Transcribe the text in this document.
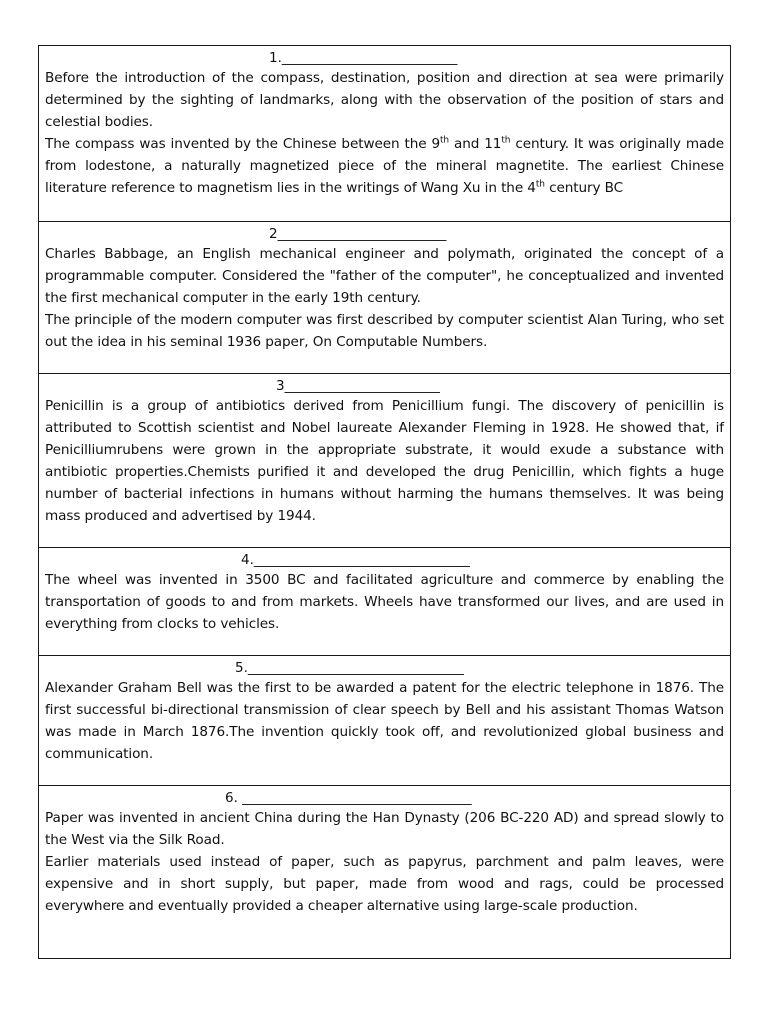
1.__________________________

Before the introduction of the compass, destination, position and direction at sea were primarily determined by the sighting of landmarks, along with the observation of the position of stars and celestial bodies.

The compass was invented by the Chinese between the 9th and 11th century. It was originally made from lodestone, a naturally magnetized piece of the mineral magnetite. The earliest Chinese literature reference to magnetism lies in the writings of Wang Xu in the 4th century BC

2_________________________

Charles Babbage, an English mechanical engineer and polymath, originated the concept of a programmable computer. Considered the "father of the computer", he conceptualized and invented the first mechanical computer in the early 19th century.

The principle of the modern computer was first described by computer scientist Alan Turing, who set out the idea in his seminal 1936 paper, On Computable Numbers.

3_______________________

Penicillin is a group of antibiotics derived from Penicillium fungi. The discovery of penicillin is attributed to Scottish scientist and Nobel laureate Alexander Fleming in 1928. He showed that, if Penicilliumrubens were grown in the appropriate substrate, it would exude a substance with antibiotic properties.Chemists purified it and developed the drug Penicillin, which fights a huge number of bacterial infections in humans without harming the humans themselves. It was being mass produced and advertised by 1944.

4.________________________________

The wheel was invented in 3500 BC and facilitated agriculture and commerce by enabling the transportation of goods to and from markets. Wheels have transformed our lives, and are used in everything from clocks to vehicles.

5.________________________________

Alexander Graham Bell was the first to be awarded a patent for the electric telephone in 1876. The first successful bi-directional transmission of clear speech by Bell and his assistant Thomas Watson was made in March 1876.The invention quickly took off, and revolutionized global business and communication.

6. __________________________________

Paper was invented in ancient China during the Han Dynasty (206 BC-220 AD) and spread slowly to the West via the Silk Road.

Earlier materials used instead of paper, such as papyrus, parchment and palm leaves, were expensive and in short supply, but paper, made from wood and rags, could be processed everywhere and eventually provided a cheaper alternative using large-scale production.
